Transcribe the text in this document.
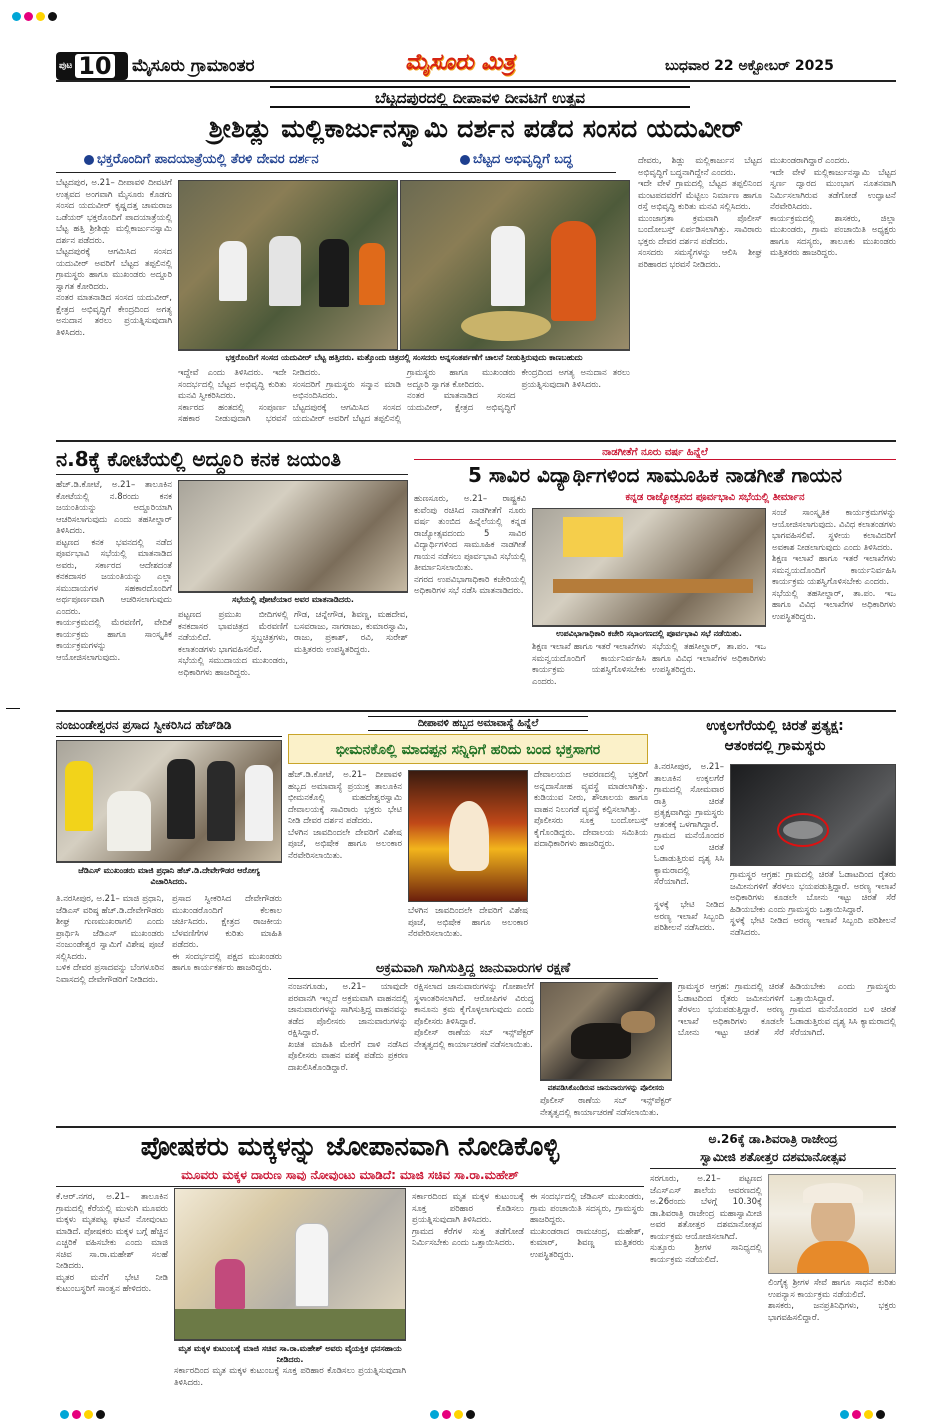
ಪುಟ 10 ಮೈಸೂರು ಗ್ರಾಮಾಂತರ	ಮೈಸೂರು ಮಿತ್ರ	ಬುಧವಾರ 22 ಅಕ್ಟೋಬರ್ 2025
ಬೆಟ್ಟದಪುರದಲ್ಲಿ ದೀಪಾವಳಿ ದೀವಟಿಗೆ ಉತ್ಸವ
ಶ್ರೀಶಿಡ್ಲು ಮಲ್ಲಿಕಾರ್ಜುನಸ್ವಾಮಿ ದರ್ಶನ ಪಡೆದ ಸಂಸದ ಯದುವೀರ್
ಭಕ್ತರೊಂದಿಗೆ ಪಾದಯಾತ್ರೆಯಲ್ಲಿ ತೆರಳಿ ದೇವರ ದರ್ಶನ	ಬೆಟ್ಟದ ಅಭಿವೃದ್ಧಿಗೆ ಬದ್ಧ
ಬೆಟ್ಟದಪುರ, ಅ.21– ದೀಪಾವಳಿ ದೀವಟಿಗೆ ಉತ್ಸವದ ಅಂಗವಾಗಿ ಮೈಸೂರು ಕೊಡಗು ಸಂಸದ ಯದುವೀರ್ ಕೃಷ್ಣದತ್ತ ಚಾಮರಾಜ ಒಡೆಯರ್ ಭಕ್ತರೊಂದಿಗೆ ಪಾದಯಾತ್ರೆಯಲ್ಲಿ ಬೆಟ್ಟ ಹತ್ತಿ ಶ್ರೀಶಿಡ್ಲು ಮಲ್ಲಿಕಾರ್ಜುನಸ್ವಾಮಿ ದರ್ಶನ ಪಡೆದರು.
ಬೆಟ್ಟದಪುರಕ್ಕೆ ಆಗಮಿಸಿದ ಸಂಸದ ಯದುವೀರ್ ಅವರಿಗೆ ಬೆಟ್ಟದ ತಪ್ಪಲಿನಲ್ಲಿ ಗ್ರಾಮಸ್ಥರು ಹಾಗೂ ಮುಖಂಡರು ಅದ್ದೂರಿ ಸ್ವಾಗತ ಕೋರಿದರು.
ನಂತರ ಮಾತನಾಡಿದ ಸಂಸದ ಯದುವೀರ್, ಕ್ಷೇತ್ರದ ಅಭಿವೃದ್ಧಿಗೆ ಕೇಂದ್ರದಿಂದ ಅಗತ್ಯ ಅನುದಾನ ತರಲು ಪ್ರಯತ್ನಿಸುವುದಾಗಿ ತಿಳಿಸಿದರು.
ಭಕ್ತರೊಂದಿಗೆ ಸಂಸದ ಯದುವೀರ್ ಬೆಟ್ಟ ಹತ್ತಿದರು. ಮತ್ತೊಂದು ಚಿತ್ರದಲ್ಲಿ ಸಂಸದರು ಅನ್ನಸಂತರ್ಪಣೆಗೆ ಚಾಲನೆ ನೀಡುತ್ತಿರುವುದು ಕಾಣಬಹುದು
ಇದ್ದೇವೆ ಎಂದು ತಿಳಿಸಿದರು. ಇದೇ ಸಂದರ್ಭದಲ್ಲಿ ಬೆಟ್ಟದ ಅಭಿವೃದ್ಧಿ ಕುರಿತು ಮನವಿ ಸ್ವೀಕರಿಸಿದರು.
ಸರ್ಕಾರದ ಹಂತದಲ್ಲಿ ಸಂಪೂರ್ಣ ಸಹಕಾರ ನೀಡುವುದಾಗಿ ಭರವಸೆ ನೀಡಿದರು.
ಸಂಸದರಿಗೆ ಗ್ರಾಮಸ್ಥರು ಸನ್ಮಾನ ಮಾಡಿ ಅಭಿನಂದಿಸಿದರು.
ಬೆಟ್ಟದಪುರಕ್ಕೆ ಆಗಮಿಸಿದ ಸಂಸದ ಯದುವೀರ್ ಅವರಿಗೆ ಬೆಟ್ಟದ ತಪ್ಪಲಿನಲ್ಲಿ ಗ್ರಾಮಸ್ಥರು ಹಾಗೂ ಮುಖಂಡರು ಅದ್ದೂರಿ ಸ್ವಾಗತ ಕೋರಿದರು.
ನಂತರ ಮಾತನಾಡಿದ ಸಂಸದ ಯದುವೀರ್, ಕ್ಷೇತ್ರದ ಅಭಿವೃದ್ಧಿಗೆ ಕೇಂದ್ರದಿಂದ ಅಗತ್ಯ ಅನುದಾನ ತರಲು ಪ್ರಯತ್ನಿಸುವುದಾಗಿ ತಿಳಿಸಿದರು.
ದೇವರು, ಶಿಡ್ಲು ಮಲ್ಲಿಕಾರ್ಜುನ ಬೆಟ್ಟದ ಅಭಿವೃದ್ಧಿಗೆ ಬದ್ಧನಾಗಿದ್ದೇನೆ ಎಂದರು.
ಇದೇ ವೇಳೆ ಗ್ರಾಮದಲ್ಲಿ ಬೆಟ್ಟದ ತಪ್ಪಲಿನಿಂದ ಮಂಟಪದವರೆಗೆ ಮೆಟ್ಟಿಲು ನಿರ್ಮಾಣ ಹಾಗೂ ರಸ್ತೆ ಅಭಿವೃದ್ಧಿ ಕುರಿತು ಮನವಿ ಸಲ್ಲಿಸಿದರು.
ಮುಂಜಾಗ್ರತಾ ಕ್ರಮವಾಗಿ ಪೊಲೀಸ್ ಬಂದೋಬಸ್ತ್ ಏರ್ಪಡಿಸಲಾಗಿತ್ತು. ಸಾವಿರಾರು ಭಕ್ತರು ದೇವರ ದರ್ಶನ ಪಡೆದರು.
ಸಂಸದರು ಸಮಸ್ಯೆಗಳನ್ನು ಆಲಿಸಿ ಶೀಘ್ರ ಪರಿಹಾರದ ಭರವಸೆ ನೀಡಿದರು.
ಮುಖಂಡರಾಗಿದ್ದಾರೆ ಎಂದರು.
ಇದೇ ವೇಳೆ ಮಲ್ಲಿಕಾರ್ಜುನಸ್ವಾಮಿ ಬೆಟ್ಟದ ಸ್ವರ್ಣ ದ್ವಾರದ ಮುಂಭಾಗ ನೂತನವಾಗಿ ನಿರ್ಮಿಸಲಾಗಿರುವ ತಡೆಗೋಡೆ ಉದ್ಘಾಟನೆ ನೆರವೇರಿಸಿದರು.
ಕಾರ್ಯಕ್ರಮದಲ್ಲಿ ಶಾಸಕರು, ಜಿಲ್ಲಾ ಮುಖಂಡರು, ಗ್ರಾಮ ಪಂಚಾಯಿತಿ ಅಧ್ಯಕ್ಷರು ಹಾಗೂ ಸದಸ್ಯರು, ತಾಲೂಕು ಮುಖಂಡರು ಮತ್ತಿತರರು ಹಾಜರಿದ್ದರು.
ನ.8ಕ್ಕೆ ಕೋಟೆಯಲ್ಲಿ ಅದ್ದೂರಿ ಕನಕ ಜಯಂತಿ
ಹೆಚ್.ಡಿ.ಕೋಟೆ, ಅ.21– ತಾಲೂಕಿನ ಕೋಟೆಯಲ್ಲಿ ನ.8ರಂದು ಕನಕ ಜಯಂತಿಯನ್ನು ಅದ್ದೂರಿಯಾಗಿ ಆಚರಿಸಲಾಗುವುದು ಎಂದು ತಹಸೀಲ್ದಾರ್ ತಿಳಿಸಿದರು.
ಪಟ್ಟಣದ ಕನಕ ಭವನದಲ್ಲಿ ನಡೆದ ಪೂರ್ವಭಾವಿ ಸಭೆಯಲ್ಲಿ ಮಾತನಾಡಿದ ಅವರು, ಸರ್ಕಾರದ ಆದೇಶದಂತೆ ಕನಕದಾಸರ ಜಯಂತಿಯನ್ನು ಎಲ್ಲಾ ಸಮುದಾಯಗಳ ಸಹಕಾರದೊಂದಿಗೆ ಅರ್ಥಪೂರ್ಣವಾಗಿ ಆಚರಿಸಲಾಗುವುದು ಎಂದರು.
ಕಾರ್ಯಕ್ರಮದಲ್ಲಿ ಮೆರವಣಿಗೆ, ವೇದಿಕೆ ಕಾರ್ಯಕ್ರಮ ಹಾಗೂ ಸಾಂಸ್ಕೃತಿಕ ಕಾರ್ಯಕ್ರಮಗಳನ್ನು ಆಯೋಜಿಸಲಾಗುವುದು.
ಸಭೆಯಲ್ಲಿ ಪೋಟೆಯಾರ ಅವರ ಮಾತನಾಡಿದರು.
ಪಟ್ಟಣದ ಪ್ರಮುಖ ಬೀದಿಗಳಲ್ಲಿ ಕನಕದಾಸರ ಭಾವಚಿತ್ರದ ಮೆರವಣಿಗೆ ನಡೆಯಲಿದೆ. ಸ್ತಬ್ಧಚಿತ್ರಗಳು, ಕಲಾತಂಡಗಳು ಭಾಗವಹಿಸಲಿವೆ.
ಸಭೆಯಲ್ಲಿ ಸಮುದಾಯದ ಮುಖಂಡರು, ಅಧಿಕಾರಿಗಳು ಹಾಜರಿದ್ದರು.
ಗೌಡ, ಚನ್ನೇಗೌಡ, ಶಿವಣ್ಣ, ಮಹದೇವ, ಬಸವರಾಜು, ನಾಗರಾಜು, ಕುಮಾರಸ್ವಾಮಿ, ರಾಜು, ಪ್ರಕಾಶ್, ರವಿ, ಸುರೇಶ್ ಮತ್ತಿತರರು ಉಪಸ್ಥಿತರಿದ್ದರು.
ನಾಡಗೀತೆಗೆ ನೂರು ವರ್ಷ ಹಿನ್ನೆಲೆ
5 ಸಾವಿರ ವಿದ್ಯಾರ್ಥಿಗಳಿಂದ ಸಾಮೂಹಿಕ ನಾಡಗೀತೆ ಗಾಯನ
ಕನ್ನಡ ರಾಜ್ಯೋತ್ಸವದ ಪೂರ್ವಭಾವಿ ಸಭೆಯಲ್ಲಿ ತೀರ್ಮಾನ
ಹುಣಸೂರು, ಅ.21– ರಾಷ್ಟ್ರಕವಿ ಕುವೆಂಪು ರಚಿಸಿದ ನಾಡಗೀತೆಗೆ ನೂರು ವರ್ಷ ತುಂಬಿದ ಹಿನ್ನೆಲೆಯಲ್ಲಿ ಕನ್ನಡ ರಾಜ್ಯೋತ್ಸವದಂದು 5 ಸಾವಿರ ವಿದ್ಯಾರ್ಥಿಗಳಿಂದ ಸಾಮೂಹಿಕ ನಾಡಗೀತೆ ಗಾಯನ ನಡೆಸಲು ಪೂರ್ವಭಾವಿ ಸಭೆಯಲ್ಲಿ ತೀರ್ಮಾನಿಸಲಾಯಿತು.
ನಗರದ ಉಪವಿಭಾಗಾಧಿಕಾರಿ ಕಚೇರಿಯಲ್ಲಿ ಅಧಿಕಾರಿಗಳ ಸಭೆ ನಡೆಸಿ ಮಾತನಾಡಿದರು.
ಉಪವಿಭಾಗಾಧಿಕಾರಿ ಕಚೇರಿ ಸಭಾಂಗಣದಲ್ಲಿ ಪೂರ್ವಭಾವಿ ಸಭೆ ನಡೆಯಿತು.
ಶಿಕ್ಷಣ ಇಲಾಖೆ ಹಾಗೂ ಇತರೆ ಇಲಾಖೆಗಳು ಸಮನ್ವಯದೊಂದಿಗೆ ಕಾರ್ಯನಿರ್ವಹಿಸಿ ಕಾರ್ಯಕ್ರಮ ಯಶಸ್ವಿಗೊಳಿಸಬೇಕು ಎಂದರು.
ಸಭೆಯಲ್ಲಿ ತಹಸೀಲ್ದಾರ್, ತಾ.ಪಂ. ಇಒ ಹಾಗೂ ವಿವಿಧ ಇಲಾಖೆಗಳ ಅಧಿಕಾರಿಗಳು ಉಪಸ್ಥಿತರಿದ್ದರು.
ಸಂಜೆ ಸಾಂಸ್ಕೃತಿಕ ಕಾರ್ಯಕ್ರಮಗಳನ್ನು ಆಯೋಜಿಸಲಾಗುವುದು. ವಿವಿಧ ಕಲಾತಂಡಗಳು ಭಾಗವಹಿಸಲಿವೆ. ಸ್ಥಳೀಯ ಕಲಾವಿದರಿಗೆ ಅವಕಾಶ ನೀಡಲಾಗುವುದು ಎಂದು ತಿಳಿಸಿದರು.
ಶಿಕ್ಷಣ ಇಲಾಖೆ ಹಾಗೂ ಇತರೆ ಇಲಾಖೆಗಳು ಸಮನ್ವಯದೊಂದಿಗೆ ಕಾರ್ಯನಿರ್ವಹಿಸಿ ಕಾರ್ಯಕ್ರಮ ಯಶಸ್ವಿಗೊಳಿಸಬೇಕು ಎಂದರು.
ಸಭೆಯಲ್ಲಿ ತಹಸೀಲ್ದಾರ್, ತಾ.ಪಂ. ಇಒ ಹಾಗೂ ವಿವಿಧ ಇಲಾಖೆಗಳ ಅಧಿಕಾರಿಗಳು ಉಪಸ್ಥಿತರಿದ್ದರು.
ನಂಜುಂಡೇಶ್ವರನ ಪ್ರಸಾದ ಸ್ವೀಕರಿಸಿದ ಹೆಚ್‌ಡಿಡಿ
ಜೆಡಿಎಸ್ ಮುಖಂಡರು ಮಾಜಿ ಪ್ರಧಾನಿ ಹೆಚ್.ಡಿ.ದೇವೇಗೌಡರ ಆರೋಗ್ಯ ವಿಚಾರಿಸಿದರು.
ತಿ.ನರಸೀಪುರ, ಅ.21– ಮಾಜಿ ಪ್ರಧಾನಿ, ಜೆಡಿಎಸ್ ವರಿಷ್ಠ ಹೆಚ್.ಡಿ.ದೇವೇಗೌಡರು ಶೀಘ್ರ ಗುಣಮುಖರಾಗಲಿ ಎಂದು ಪ್ರಾರ್ಥಿಸಿ ಜೆಡಿಎಸ್ ಮುಖಂಡರು ನಂಜುಂಡೇಶ್ವರ ಸ್ವಾಮಿಗೆ ವಿಶೇಷ ಪೂಜೆ ಸಲ್ಲಿಸಿದರು.
ಬಳಿಕ ದೇವರ ಪ್ರಸಾದವನ್ನು ಬೆಂಗಳೂರಿನ ನಿವಾಸದಲ್ಲಿ ದೇವೇಗೌಡರಿಗೆ ನೀಡಿದರು.
ಪ್ರಸಾದ ಸ್ವೀಕರಿಸಿದ ದೇವೇಗೌಡರು ಮುಖಂಡರೊಂದಿಗೆ ಕೆಲಕಾಲ ಚರ್ಚಿಸಿದರು. ಕ್ಷೇತ್ರದ ರಾಜಕೀಯ ಬೆಳವಣಿಗೆಗಳ ಕುರಿತು ಮಾಹಿತಿ ಪಡೆದರು.
ಈ ಸಂದರ್ಭದಲ್ಲಿ ಪಕ್ಷದ ಮುಖಂಡರು ಹಾಗೂ ಕಾರ್ಯಕರ್ತರು ಹಾಜರಿದ್ದರು.
ದೀಪಾವಳಿ ಹಬ್ಬದ ಅಮಾವಾಸ್ಯೆ ಹಿನ್ನೆಲೆ
ಭೀಮನಕೊಲ್ಲಿ ಮಾದಪ್ಪನ ಸನ್ನಿಧಿಗೆ ಹರಿದು ಬಂದ ಭಕ್ತಸಾಗರ
ಹೆಚ್.ಡಿ.ಕೋಟೆ, ಅ.21– ದೀಪಾವಳಿ ಹಬ್ಬದ ಅಮಾವಾಸ್ಯೆ ಪ್ರಯುಕ್ತ ತಾಲೂಕಿನ ಭೀಮನಕೊಲ್ಲಿ ಮಹದೇಶ್ವರಸ್ವಾಮಿ ದೇವಾಲಯಕ್ಕೆ ಸಾವಿರಾರು ಭಕ್ತರು ಭೇಟಿ ನೀಡಿ ದೇವರ ದರ್ಶನ ಪಡೆದರು.
ಬೆಳಗಿನ ಜಾವದಿಂದಲೇ ದೇವರಿಗೆ ವಿಶೇಷ ಪೂಜೆ, ಅಭಿಷೇಕ ಹಾಗೂ ಅಲಂಕಾರ ನೆರವೇರಿಸಲಾಯಿತು.
ದೇವಾಲಯದ ಆವರಣದಲ್ಲಿ ಭಕ್ತರಿಗೆ ಅನ್ನದಾಸೋಹ ವ್ಯವಸ್ಥೆ ಮಾಡಲಾಗಿತ್ತು. ಕುಡಿಯುವ ನೀರು, ಶೌಚಾಲಯ ಹಾಗೂ ವಾಹನ ನಿಲುಗಡೆ ವ್ಯವಸ್ಥೆ ಕಲ್ಪಿಸಲಾಗಿತ್ತು.
ಪೊಲೀಸರು ಸೂಕ್ತ ಬಂದೋಬಸ್ತ್ ಕೈಗೊಂಡಿದ್ದರು. ದೇವಾಲಯ ಸಮಿತಿಯ ಪದಾಧಿಕಾರಿಗಳು ಹಾಜರಿದ್ದರು.
ಬೆಳಗಿನ ಜಾವದಿಂದಲೇ ದೇವರಿಗೆ ವಿಶೇಷ ಪೂಜೆ, ಅಭಿಷೇಕ ಹಾಗೂ ಅಲಂಕಾರ ನೆರವೇರಿಸಲಾಯಿತು.
ಉಕ್ಕಲಗೆರೆಯಲ್ಲಿ ಚಿರತೆ ಪ್ರತ್ಯಕ್ಷ:
ಆತಂಕದಲ್ಲಿ ಗ್ರಾಮಸ್ಥರು
ತಿ.ನರಸೀಪುರ, ಅ.21– ತಾಲೂಕಿನ ಉಕ್ಕಲಗೆರೆ ಗ್ರಾಮದಲ್ಲಿ ಸೋಮವಾರ ರಾತ್ರಿ ಚಿರತೆ ಪ್ರತ್ಯಕ್ಷವಾಗಿದ್ದು ಗ್ರಾಮಸ್ಥರು ಆತಂಕಕ್ಕೆ ಒಳಗಾಗಿದ್ದಾರೆ.
ಗ್ರಾಮದ ಮನೆಯೊಂದರ ಬಳಿ ಚಿರತೆ ಓಡಾಡುತ್ತಿರುವ ದೃಶ್ಯ ಸಿಸಿ ಕ್ಯಾಮರಾದಲ್ಲಿ ಸೆರೆಯಾಗಿದೆ.
ಗ್ರಾಮಸ್ಥರ ಆಗ್ರಹ: ಗ್ರಾಮದಲ್ಲಿ ಚಿರತೆ ಓಡಾಟದಿಂದ ರೈತರು ಜಮೀನುಗಳಿಗೆ ತೆರಳಲು ಭಯಪಡುತ್ತಿದ್ದಾರೆ. ಅರಣ್ಯ ಇಲಾಖೆ ಅಧಿಕಾರಿಗಳು ಕೂಡಲೇ ಬೋನು ಇಟ್ಟು ಚಿರತೆ ಸೆರೆ ಹಿಡಿಯಬೇಕು ಎಂದು ಗ್ರಾಮಸ್ಥರು ಒತ್ತಾಯಿಸಿದ್ದಾರೆ.
ಸ್ಥಳಕ್ಕೆ ಭೇಟಿ ನೀಡಿದ ಅರಣ್ಯ ಇಲಾಖೆ ಸಿಬ್ಬಂದಿ ಪರಿಶೀಲನೆ ನಡೆಸಿದರು.
ಸ್ಥಳಕ್ಕೆ ಭೇಟಿ ನೀಡಿದ ಅರಣ್ಯ ಇಲಾಖೆ ಸಿಬ್ಬಂದಿ ಪರಿಶೀಲನೆ ನಡೆಸಿದರು.
ಅಕ್ರಮವಾಗಿ ಸಾಗಿಸುತ್ತಿದ್ದ ಜಾನುವಾರುಗಳ ರಕ್ಷಣೆ
ನಂಜನಗೂಡು, ಅ.21– ಯಾವುದೇ ಪರವಾನಗಿ ಇಲ್ಲದೆ ಅಕ್ರಮವಾಗಿ ವಾಹನದಲ್ಲಿ ಜಾನುವಾರುಗಳನ್ನು ಸಾಗಿಸುತ್ತಿದ್ದ ವಾಹನವನ್ನು ತಡೆದ ಪೊಲೀಸರು ಜಾನುವಾರುಗಳನ್ನು ರಕ್ಷಿಸಿದ್ದಾರೆ.
ಖಚಿತ ಮಾಹಿತಿ ಮೇರೆಗೆ ದಾಳಿ ನಡೆಸಿದ ಪೊಲೀಸರು ವಾಹನ ವಶಕ್ಕೆ ಪಡೆದು ಪ್ರಕರಣ ದಾಖಲಿಸಿಕೊಂಡಿದ್ದಾರೆ.
ರಕ್ಷಿಸಲಾದ ಜಾನುವಾರುಗಳನ್ನು ಗೋಶಾಲೆಗೆ ಸ್ಥಳಾಂತರಿಸಲಾಗಿದೆ. ಆರೋಪಿಗಳ ವಿರುದ್ಧ ಕಾನೂನು ಕ್ರಮ ಕೈಗೊಳ್ಳಲಾಗುವುದು ಎಂದು ಪೊಲೀಸರು ತಿಳಿಸಿದ್ದಾರೆ.
ಪೊಲೀಸ್ ಠಾಣೆಯ ಸಬ್ ಇನ್ಸ್‌ಪೆಕ್ಟರ್ ನೇತೃತ್ವದಲ್ಲಿ ಕಾರ್ಯಾಚರಣೆ ನಡೆಸಲಾಯಿತು.
ವಶಪಡಿಸಿಕೊಂಡಿರುವ ಜಾನುವಾರುಗಳನ್ನು ಪೊಲೀಸರು
ಪೊಲೀಸ್ ಠಾಣೆಯ ಸಬ್ ಇನ್ಸ್‌ಪೆಕ್ಟರ್ ನೇತೃತ್ವದಲ್ಲಿ ಕಾರ್ಯಾಚರಣೆ ನಡೆಸಲಾಯಿತು.
ಗ್ರಾಮಸ್ಥರ ಆಗ್ರಹ: ಗ್ರಾಮದಲ್ಲಿ ಚಿರತೆ ಓಡಾಟದಿಂದ ರೈತರು ಜಮೀನುಗಳಿಗೆ ತೆರಳಲು ಭಯಪಡುತ್ತಿದ್ದಾರೆ. ಅರಣ್ಯ ಇಲಾಖೆ ಅಧಿಕಾರಿಗಳು ಕೂಡಲೇ ಬೋನು ಇಟ್ಟು ಚಿರತೆ ಸೆರೆ ಹಿಡಿಯಬೇಕು ಎಂದು ಗ್ರಾಮಸ್ಥರು ಒತ್ತಾಯಿಸಿದ್ದಾರೆ.
ಗ್ರಾಮದ ಮನೆಯೊಂದರ ಬಳಿ ಚಿರತೆ ಓಡಾಡುತ್ತಿರುವ ದೃಶ್ಯ ಸಿಸಿ ಕ್ಯಾಮರಾದಲ್ಲಿ ಸೆರೆಯಾಗಿದೆ.
ಪೋಷಕರು ಮಕ್ಕಳನ್ನು ಜೋಪಾನವಾಗಿ ನೋಡಿಕೊಳ್ಳಿ
ಮೂವರು ಮಕ್ಕಳ ದಾರುಣ ಸಾವು ನೋವುಂಟು ಮಾಡಿದೆ: ಮಾಜಿ ಸಚಿವ ಸಾ.ರಾ.ಮಹೇಶ್
ಕೆ.ಆರ್.ನಗರ, ಅ.21– ತಾಲೂಕಿನ ಗ್ರಾಮದಲ್ಲಿ ಕೆರೆಯಲ್ಲಿ ಮುಳುಗಿ ಮೂವರು ಮಕ್ಕಳು ಮೃತಪಟ್ಟ ಘಟನೆ ನೋವುಂಟು ಮಾಡಿದೆ. ಪೋಷಕರು ಮಕ್ಕಳ ಬಗ್ಗೆ ಹೆಚ್ಚಿನ ಎಚ್ಚರಿಕೆ ವಹಿಸಬೇಕು ಎಂದು ಮಾಜಿ ಸಚಿವ ಸಾ.ರಾ.ಮಹೇಶ್ ಸಲಹೆ ನೀಡಿದರು.
ಮೃತರ ಮನೆಗೆ ಭೇಟಿ ನೀಡಿ ಕುಟುಂಬಸ್ಥರಿಗೆ ಸಾಂತ್ವನ ಹೇಳಿದರು.
ಮೃತ ಮಕ್ಕಳ ಕುಟುಂಬಕ್ಕೆ ಮಾಜಿ ಸಚಿವ ಸಾ.ರಾ.ಮಹೇಶ್ ಅವರು ವೈಯಕ್ತಿಕ ಧನಸಹಾಯ ನೀಡಿದರು.
ಸರ್ಕಾರದಿಂದ ಮೃತ ಮಕ್ಕಳ ಕುಟುಂಬಕ್ಕೆ ಸೂಕ್ತ ಪರಿಹಾರ ಕೊಡಿಸಲು ಪ್ರಯತ್ನಿಸುವುದಾಗಿ ತಿಳಿಸಿದರು.
ಸರ್ಕಾರದಿಂದ ಮೃತ ಮಕ್ಕಳ ಕುಟುಂಬಕ್ಕೆ ಸೂಕ್ತ ಪರಿಹಾರ ಕೊಡಿಸಲು ಪ್ರಯತ್ನಿಸುವುದಾಗಿ ತಿಳಿಸಿದರು.
ಗ್ರಾಮದ ಕೆರೆಗಳ ಸುತ್ತ ತಡೆಗೋಡೆ ನಿರ್ಮಿಸಬೇಕು ಎಂದು ಒತ್ತಾಯಿಸಿದರು.
ಈ ಸಂದರ್ಭದಲ್ಲಿ ಜೆಡಿಎಸ್ ಮುಖಂಡರು, ಗ್ರಾಮ ಪಂಚಾಯಿತಿ ಸದಸ್ಯರು, ಗ್ರಾಮಸ್ಥರು ಹಾಜರಿದ್ದರು.
ಮುಖಂಡರಾದ ರಾಮಚಂದ್ರ, ಮಹೇಶ್, ಕುಮಾರ್, ಶಿವಣ್ಣ ಮತ್ತಿತರರು ಉಪಸ್ಥಿತರಿದ್ದರು.
ಅ.26ಕ್ಕೆ ಡಾ.ಶಿವರಾತ್ರಿ ರಾಜೇಂದ್ರ
ಸ್ವಾಮೀಜಿ ಶತೋತ್ತರ ದಶಮಾನೋತ್ಸವ
ಸರಗೂರು, ಅ.21– ಪಟ್ಟಣದ ಜೆಎಸ್ಎಸ್ ಶಾಲೆಯ ಆವರಣದಲ್ಲಿ ಅ.26ರಂದು ಬೆಳಗ್ಗೆ 10.30ಕ್ಕೆ ಡಾ.ಶಿವರಾತ್ರಿ ರಾಜೇಂದ್ರ ಮಹಾಸ್ವಾಮೀಜಿ ಅವರ ಶತೋತ್ತರ ದಶಮಾನೋತ್ಸವ ಕಾರ್ಯಕ್ರಮ ಆಯೋಜಿಸಲಾಗಿದೆ.
ಸುತ್ತೂರು ಶ್ರೀಗಳ ಸಾನಿಧ್ಯದಲ್ಲಿ ಕಾರ್ಯಕ್ರಮ ನಡೆಯಲಿದೆ.
ಲಿಂಗೈಕ್ಯ ಶ್ರೀಗಳ ಸೇವೆ ಹಾಗೂ ಸಾಧನೆ ಕುರಿತು ಉಪನ್ಯಾಸ ಕಾರ್ಯಕ್ರಮ ನಡೆಯಲಿದೆ.
ಶಾಸಕರು, ಜನಪ್ರತಿನಿಧಿಗಳು, ಭಕ್ತರು ಭಾಗವಹಿಸಲಿದ್ದಾರೆ.
